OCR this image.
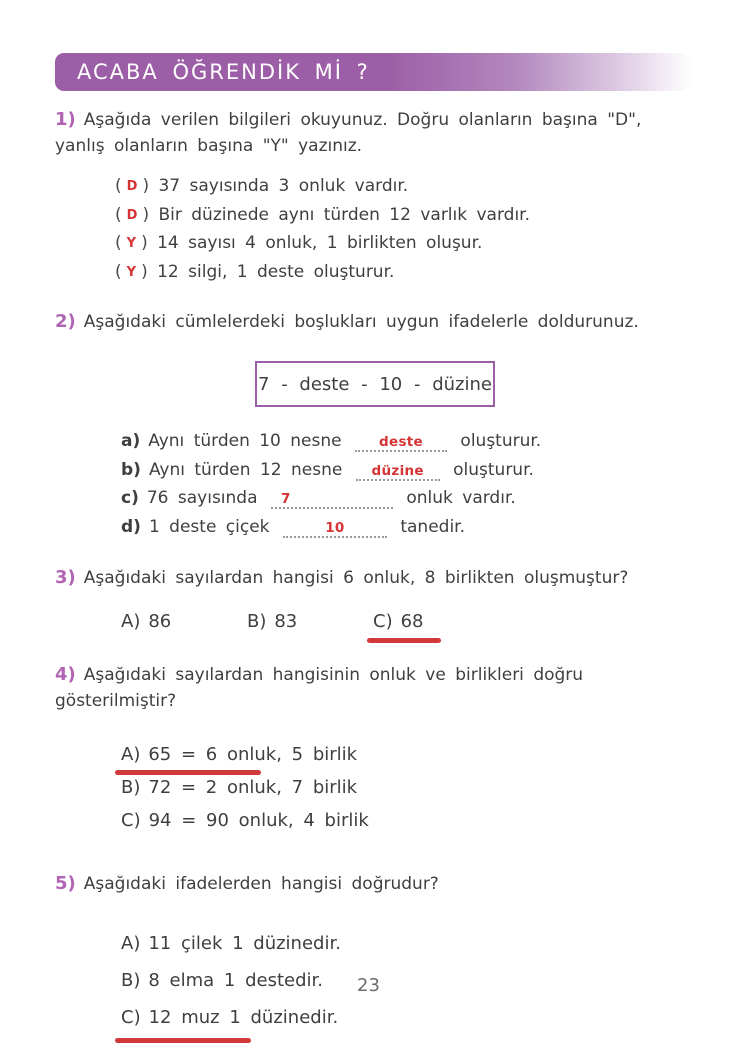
ACABA ÖĞRENDİK Mİ ?
1) Aşağıda verilen bilgileri okuyunuz. Doğru olanların başına "D", yanlış olanların başına "Y" yazınız.
( D ) 37 sayısında 3 onluk vardır.
( D ) Bir düzinede aynı türden 12 varlık vardır.
( Y ) 14 sayısı 4 onluk, 1 birlikten oluşur.
( Y ) 12 silgi, 1 deste oluşturur.
2) Aşağıdaki cümlelerdeki boşlukları uygun ifadelerle doldurunuz.
7 - deste - 10 - düzine
a) Aynı türden 10 nesne	deste oluşturur.
b) Aynı türden 12 nesne düzine oluşturur.
c) 76 sayısında 7	onluk vardır.
d) 1 deste çiçek	10	tanedir.
3) Aşağıdaki sayılardan hangisi 6 onluk, 8 birlikten oluşmuştur?
A) 86	B) 83	C) 68
4) Aşağıdaki sayılardan hangisinin onluk ve birlikleri doğru gösterilmiştir?
A) 65 = 6 onluk, 5 birlik
B) 72 = 2 onluk, 7 birlik
C) 94 = 90 onluk, 4 birlik
5) Aşağıdaki ifadelerden hangisi doğrudur?
A) 11 çilek 1 düzinedir.
B) 8 elma 1 destedir.
C) 12 muz 1 düzinedir.
23
